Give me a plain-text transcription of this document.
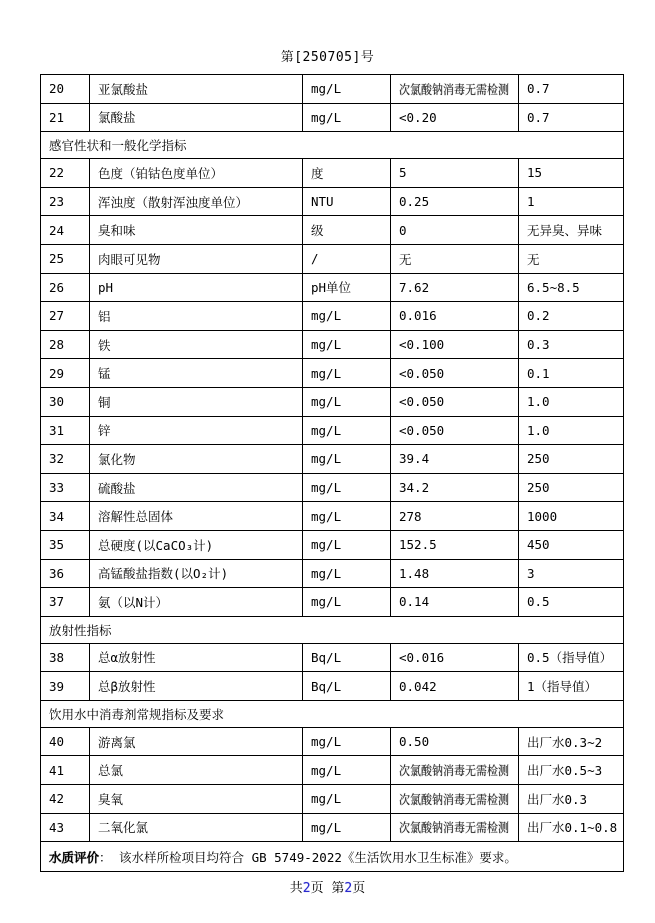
第[250705]号
20	亚氯酸盐	mg/L	次氯酸钠消毒无需检测	0.7
21	氯酸盐	mg/L	<0.20	0.7
感官性状和一般化学指标				
22	色度（铂钴色度单位）	度	5	15
23	浑浊度（散射浑浊度单位）	NTU	0.25	1
24	臭和味	级	0	无异臭、异味
25	肉眼可见物	/	无	无
26	pH	pH单位	7.62	6.5~8.5
27	铝	mg/L	0.016	0.2
28	铁	mg/L	<0.100	0.3
29	锰	mg/L	<0.050	0.1
30	铜	mg/L	<0.050	1.0
31	锌	mg/L	<0.050	1.0
32	氯化物	mg/L	39.4	250
33	硫酸盐	mg/L	34.2	250
34	溶解性总固体	mg/L	278	1000
35	总硬度(以CaCO₃计)	mg/L	152.5	450
36	高锰酸盐指数(以O₂计)	mg/L	1.48	3
37	氨（以N计）	mg/L	0.14	0.5
放射性指标				
38	总α放射性	Bq/L	<0.016	0.5（指导值）
39	总β放射性	Bq/L	0.042	1（指导值）
饮用水中消毒剂常规指标及要求				
40	游离氯	mg/L	0.50	出厂水0.3~2
41	总氯	mg/L	次氯酸钠消毒无需检测	出厂水0.5~3
42	臭氧	mg/L	次氯酸钠消毒无需检测	出厂水0.3
43	二氧化氯	mg/L	次氯酸钠消毒无需检测	出厂水0.1~0.8
水质评价： 该水样所检项目均符合 GB 5749-2022《生活饮用水卫生标准》要求。				
共2页 第2页
